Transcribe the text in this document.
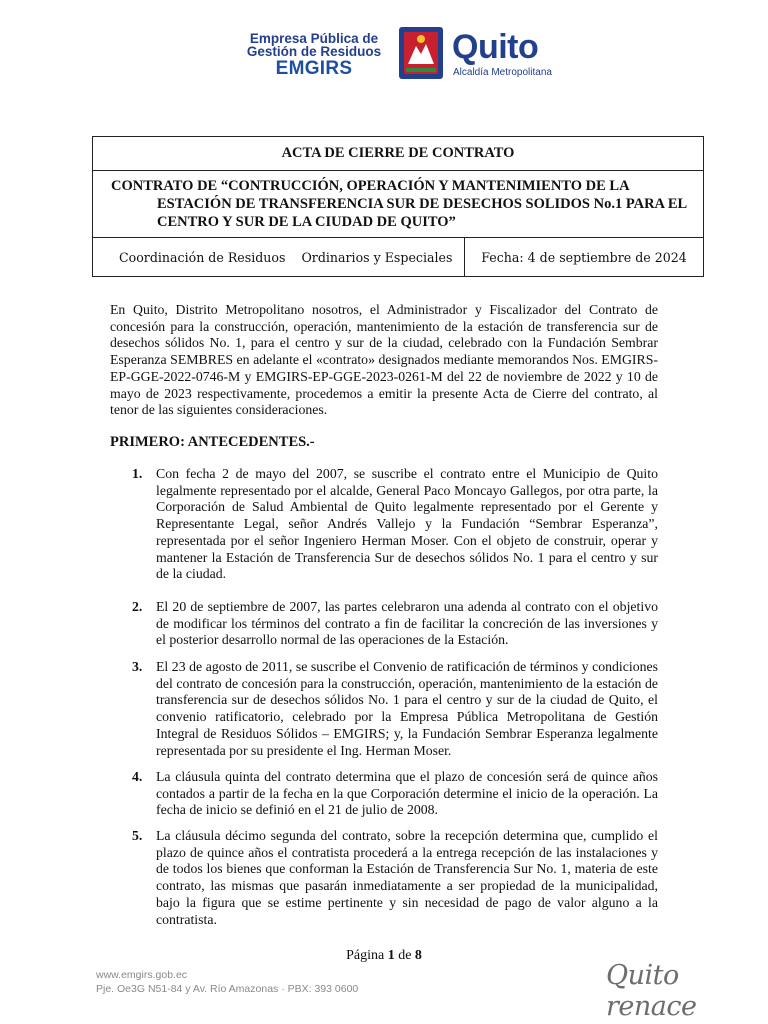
Empresa Pública de
Gestión de Residuos
EMGIRS
Quito
Alcaldía Metropolitana
ACTA DE CIERRE DE CONTRATO

CONTRATO DE “CONTRUCCIÓN, OPERACIÓN Y MANTENIMIENTO DE LA ESTACIÓN DE TRANSFERENCIA SUR DE DESECHOS SOLIDOS No.1 PARA EL CENTRO Y SUR DE LA CIUDAD DE QUITO”

Coordinación de Residuos Ordinarios y Especiales	Fecha: 4 de septiembre de 2024
En Quito, Distrito Metropolitano nosotros, el Administrador y Fiscalizador del Contrato de concesión para la construcción, operación, mantenimiento de la estación de transferencia sur de desechos sólidos No. 1, para el centro y sur de la ciudad, celebrado con la Fundación Sembrar Esperanza SEMBRES en adelante el «contrato» designados mediante memorandos Nos. EMGIRS-EP-GGE-2022-0746-M y EMGIRS-EP-GGE-2023-0261-M del 22 de noviembre de 2022 y 10 de mayo de 2023 respectivamente, procedemos a emitir la presente Acta de Cierre del contrato, al tenor de las siguientes consideraciones.
PRIMERO: ANTECEDENTES.-
1. Con fecha 2 de mayo del 2007, se suscribe el contrato entre el Municipio de Quito legalmente representado por el alcalde, General Paco Moncayo Gallegos, por otra parte, la Corporación de Salud Ambiental de Quito legalmente representado por el Gerente y Representante Legal, señor Andrés Vallejo y la Fundación “Sembrar Esperanza”, representada por el señor Ingeniero Herman Moser. Con el objeto de construir, operar y mantener la Estación de Transferencia Sur de desechos sólidos No. 1 para el centro y sur de la ciudad.
2. El 20 de septiembre de 2007, las partes celebraron una adenda al contrato con el objetivo de modificar los términos del contrato a fin de facilitar la concreción de las inversiones y el posterior desarrollo normal de las operaciones de la Estación.
3. El 23 de agosto de 2011, se suscribe el Convenio de ratificación de términos y condiciones del contrato de concesión para la construcción, operación, mantenimiento de la estación de transferencia sur de desechos sólidos No. 1 para el centro y sur de la ciudad de Quito, el convenio ratificatorio, celebrado por la Empresa Pública Metropolitana de Gestión Integral de Residuos Sólidos – EMGIRS; y, la Fundación Sembrar Esperanza legalmente representada por su presidente el Ing. Herman Moser.
4. La cláusula quinta del contrato determina que el plazo de concesión será de quince años contados a partir de la fecha en la que Corporación determine el inicio de la operación. La fecha de inicio se definió en el 21 de julio de 2008.
5. La cláusula décimo segunda del contrato, sobre la recepción determina que, cumplido el plazo de quince años el contratista procederá a la entrega recepción de las instalaciones y de todos los bienes que conforman la Estación de Transferencia Sur No. 1, materia de este contrato, las mismas que pasarán inmediatamente a ser propiedad de la municipalidad, bajo la figura que se estime pertinente y sin necesidad de pago de valor alguno a la contratista.
Página 1 de 8
www.emgirs.gob.ec
Pje. Oe3G N51-84 y Av. Río Amazonas · PBX: 393 0600	Quito renace
